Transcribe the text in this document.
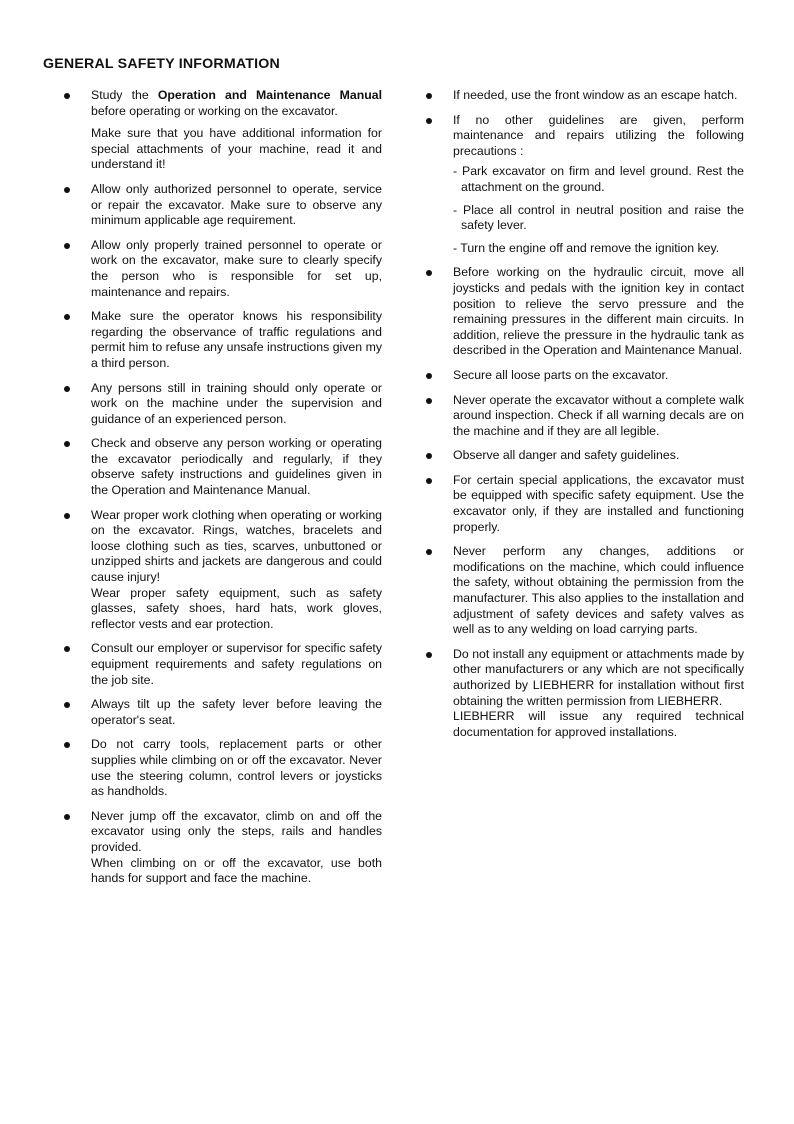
GENERAL SAFETY INFORMATION
Study the Operation and Maintenance Manual before operating or working on the excavator.
Make sure that you have additional information for special attachments of your machine, read it and understand it!
Allow only authorized personnel to operate, service or repair the excavator. Make sure to observe any minimum applicable age requirement.
Allow only properly trained personnel to operate or work on the excavator, make sure to clearly specify the person who is responsible for set up, maintenance and repairs.
Make sure the operator knows his responsibility regarding the observance of traffic regulations and permit him to refuse any unsafe instructions given my a third person.
Any persons still in training should only operate or work on the machine under the supervision and guidance of an experienced person.
Check and observe any person working or operating the excavator periodically and regularly, if they observe safety instructions and guidelines given in the Operation and Maintenance Manual.
Wear proper work clothing when operating or working on the excavator. Rings, watches, bracelets and loose clothing such as ties, scarves, unbuttoned or unzipped shirts and jackets are dangerous and could cause injury!
Wear proper safety equipment, such as safety glasses, safety shoes, hard hats, work gloves, reflector vests and ear protection.
Consult our employer or supervisor for specific safety equipment requirements and safety regulations on the job site.
Always tilt up the safety lever before leaving the operator's seat.
Do not carry tools, replacement parts or other supplies while climbing on or off the excavator. Never use the steering column, control levers or joysticks as handholds.
Never jump off the excavator, climb on and off the excavator using only the steps, rails and handles provided.
When climbing on or off the excavator, use both hands for support and face the machine.
If needed, use the front window as an escape hatch.
If no other guidelines are given, perform maintenance and repairs utilizing the following precautions :
- Park excavator on firm and level ground. Rest the attachment on the ground.
- Place all control in neutral position and raise the safety lever.
- Turn the engine off and remove the ignition key.
Before working on the hydraulic circuit, move all joysticks and pedals with the ignition key in contact position to relieve the servo pressure and the remaining pressures in the different main circuits. In addition, relieve the pressure in the hydraulic tank as described in the Operation and Maintenance Manual.
Secure all loose parts on the excavator.
Never operate the excavator without a complete walk around inspection. Check if all warning decals are on the machine and if they are all legible.
Observe all danger and safety guidelines.
For certain special applications, the excavator must be equipped with specific safety equipment. Use the excavator only, if they are installed and functioning properly.
Never perform any changes, additions or modifications on the machine, which could influence the safety, without obtaining the permission from the manufacturer. This also applies to the installation and adjustment of safety devices and safety valves as well as to any welding on load carrying parts.
Do not install any equipment or attachments made by other manufacturers or any which are not specifically authorized by LIEBHERR for installation without first obtaining the written permission from LIEBHERR.
LIEBHERR will issue any required technical documentation for approved installations.
